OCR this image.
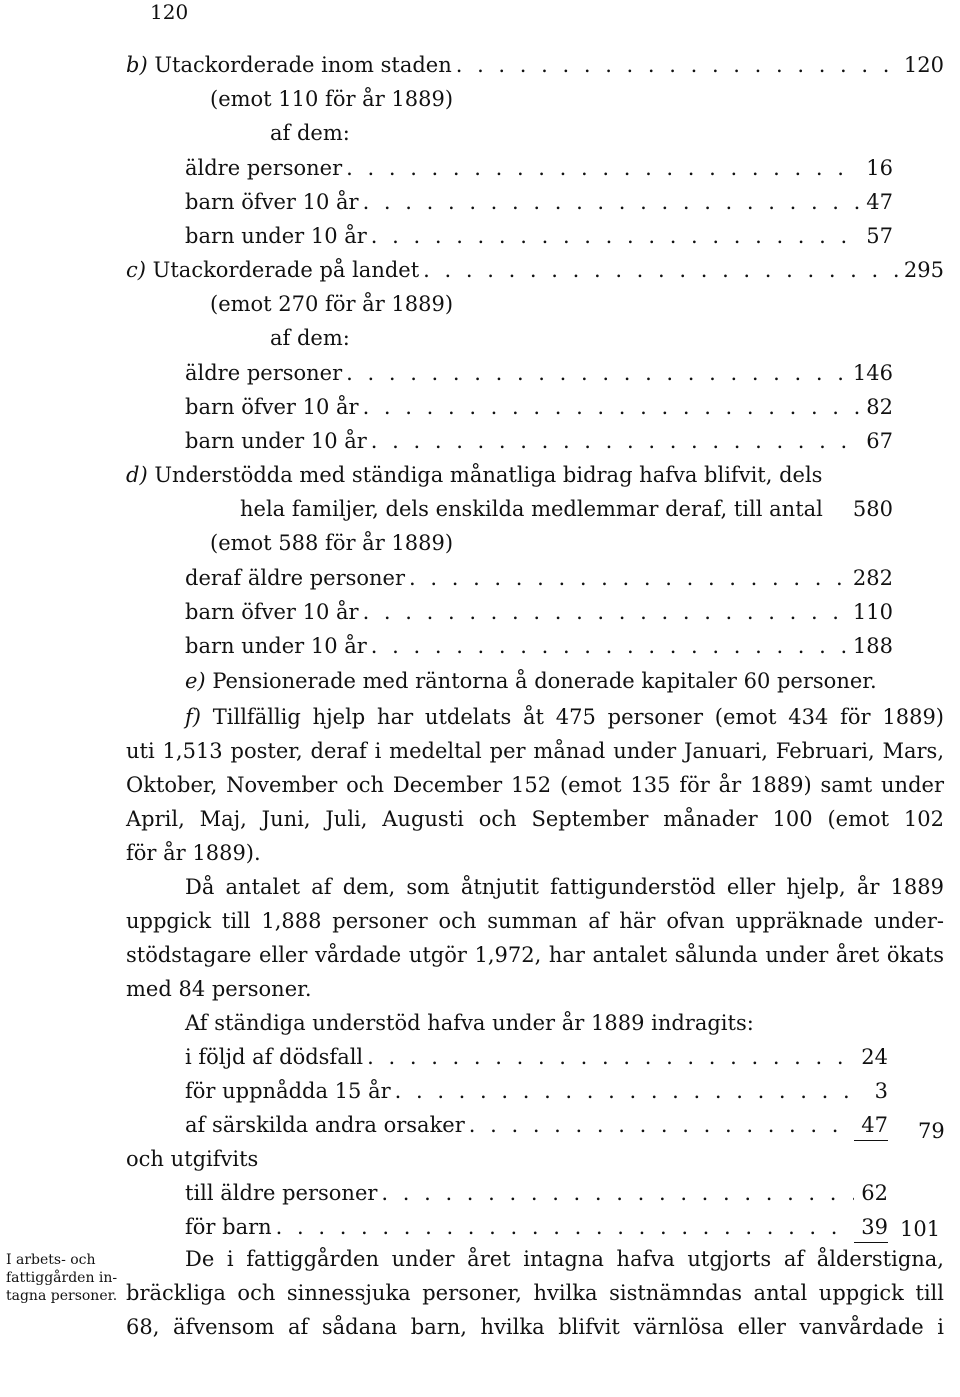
120
b) Utackorderade inom staden . . .	120
(emot 110 för år 1889)
af dem:
äldre personer . . .	16
barn öfver 10 år . . .	47
barn under 10 år . . .	57
c) Utackorderade på landet . . .	295
(emot 270 för år 1889)
af dem:
äldre personer . . .	146
barn öfver 10 år . . .	82
barn under 10 år . . .	67
d) Understödda med ständiga månatliga bidrag hafva blifvit, dels
hela familjer, dels enskilda medlemmar deraf, till antal 580
(emot 588 för år 1889)
deraf äldre personer . . .	282
barn öfver 10 år . . .	110
barn under 10 år . . .	188
e) Pensionerade med räntorna å donerade kapitaler 60 personer.
f) Tillfällig hjelp har utdelats åt 475 personer (emot 434 för 1889)
uti 1,513 poster, deraf i medeltal per månad under Januari, Februari, Mars,
Oktober, November och December 152 (emot 135 för år 1889) samt under
April, Maj, Juni, Juli, Augusti och September månader 100 (emot 102
för år 1889).
Då antalet af dem, som åtnjutit fattigunderstöd eller hjelp, år 1889
uppgick till 1,888 personer och summan af här ofvan uppräknade under-
stödstagare eller vårdade utgör 1,972, har antalet sålunda under året ökats
med 84 personer.
Af ständiga understöd hafva under år 1889 indragits:
i följd af dödsfall . . .	24
för uppnådda 15 år . . .	3
af särskilda andra orsaker . . .	47 79
och utgifvits
till äldre personer . . .	62
för barn . . .	39 101
I arbets- och
fattiggården in-
tagna personer.
De i fattiggården under året intagna hafva utgjorts af ålderstigna,
bräckliga och sinnessjuka personer, hvilka sistnämndas antal uppgick till
68, äfvensom af sådana barn, hvilka blifvit värnlösa eller vanvårdade i
